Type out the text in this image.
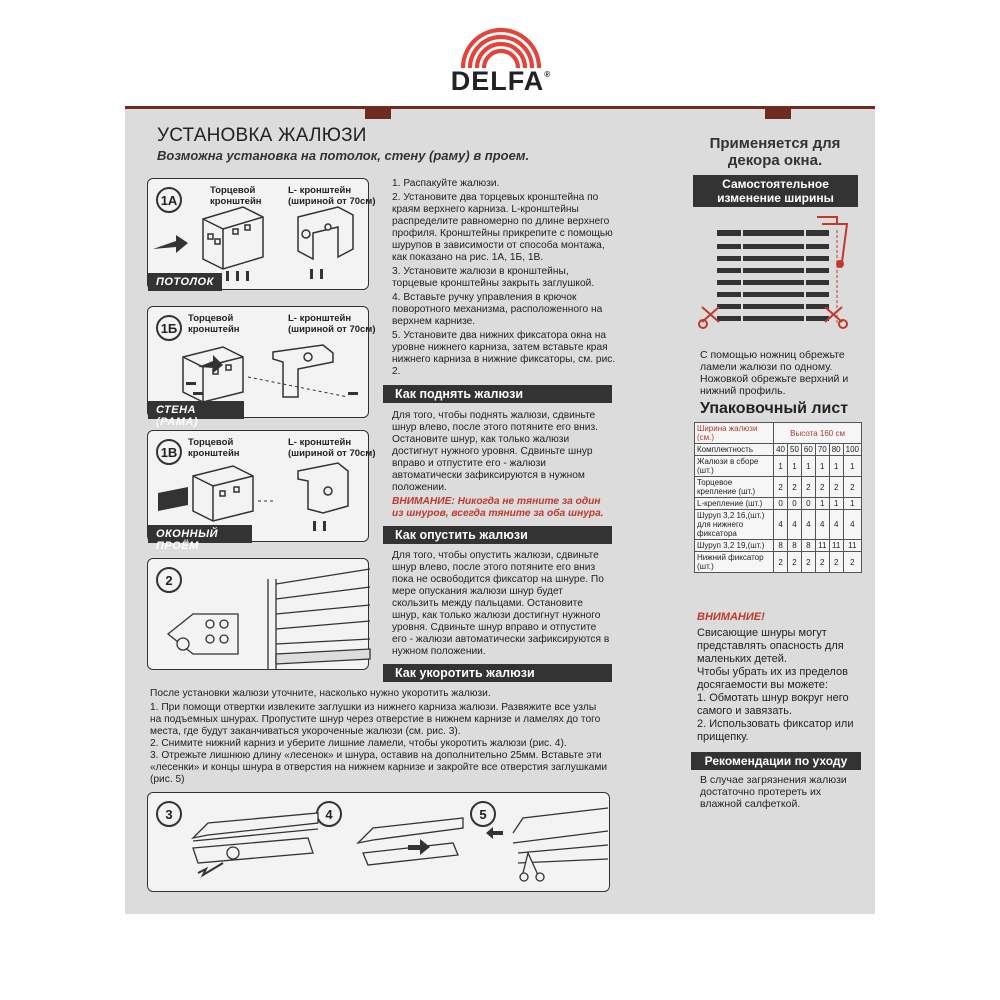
DELFA®
УСТАНОВКА ЖАЛЮЗИ
Возможна установка на потолок, стену (раму) в проем.
1А
Торцевой
кронштейн
L- кронштейн
(шириной от 70см)
ПОТОЛОК
1Б
Торцевой
кронштейн
L- кронштейн
(шириной от 70см)
СТЕНА (РАМА)
1В
Торцевой
кронштейн
L- кронштейн
(шириной от 70см)
ОКОННЫЙ ПРОЁМ
2

1. Распакуйте жалюзи.

2. Установите два торцевых кронштейна по краям верхнего карниза. L-кронштейны распределите равномерно по длине верхнего профиля. Кронштейны прикрепите с помощью шурупов в зависимости от способа монтажа, как показано на рис. 1А, 1Б, 1В.

3. Установите жалюзи в кронштейны, торцевые кронштейны закрыть заглушкой.

4. Вставьте ручку управления в крючок поворотного механизма, расположенного на верхнем карнизе.

5. Установите два нижних фиксатора окна на уровне нижнего карниза, затем вставьте края нижнего карниза в нижние фиксаторы, см. рис. 2.

Как поднять жалюзи

Для того, чтобы поднять жалюзи, сдвиньте шнур влево, после этого потяните его вниз. Остановите шнур, как только жалюзи достигнут нужного уровня. Сдвиньте шнур вправо и отпустите его - жалюзи автоматически зафиксируются в нужном положении.

ВНИМАНИЕ: Никогда не тяните за один из шнуров, всегда тяните за оба шнура.

Как опустить жалюзи
Для того, чтобы опустить жалюзи, сдвиньте шнур влево, после этого потяните его вниз пока не освободится фиксатор на шнуре. По мере опускания жалюзи шнур будет скользить между пальцами. Остановите шнур, как только жалюзи достигнут нужного уровня. Сдвиньте шнур вправо и отпустите его - жалюзи автоматически зафиксируются в нужном положении.
Как укоротить жалюзи

После установки жалюзи уточните, насколько нужно укоротить жалюзи.

1. При помощи отвертки извлеките заглушки из нижнего карниза жалюзи. Развяжите все узлы на подъемных шнурах. Пропустите шнур через отверстие в нижнем карнизе и ламелях до того места, где будут заканчиваться укороченные жалюзи (см. рис. 3).
2. Снимите нижний карниз и уберите лишние ламели, чтобы укоротить жалюзи (рис. 4).
3. Отрежьте лишнюю длину «лесенок» и шнура, оставив на дополнительно 25мм. Вставьте эти «лесенки» и концы шнура в отверстия на нижнем карнизе и закройте все отверстия заглушками (рис. 5)

3	4	5
Применяется для декора окна.
Самостоятельное изменение ширины
С помощью ножниц обрежьте ламели жалюзи по одному. Ножовкой обрежьте верхний и нижний профиль.
Упаковочный лист
Ширина жалюзи (см.)	Высота 160 см					
Комплектность	40	50	60	70	80	100
Жалюзи в сборе (шт.)	1	1	1	1	1	1
Торцевое крепление (шт.)	2	2	2	2	2	2
L-крепление (шт.)	0	0	0	1	1	1
Шуруп 3,2 16,(шт.) для нижнего фиксатора	4	4	4	4	4	4
Шуруп 3,2 19,(шт.)	8	8	8	11	11	11
Нижний фиксатор (шт.)	2	2	2	2	2	2
ВНИМАНИЕ!
Свисающие шнуры могут представлять опасность для маленьких детей.
Чтобы убрать их из пределов досягаемости вы можете:
1. Обмотать шнур вокруг него самого и завязать.
2. Использовать фиксатор или прищепку.
Рекомендации по уходу
В случае загрязнения жалюзи достаточно протереть их влажной салфеткой.
